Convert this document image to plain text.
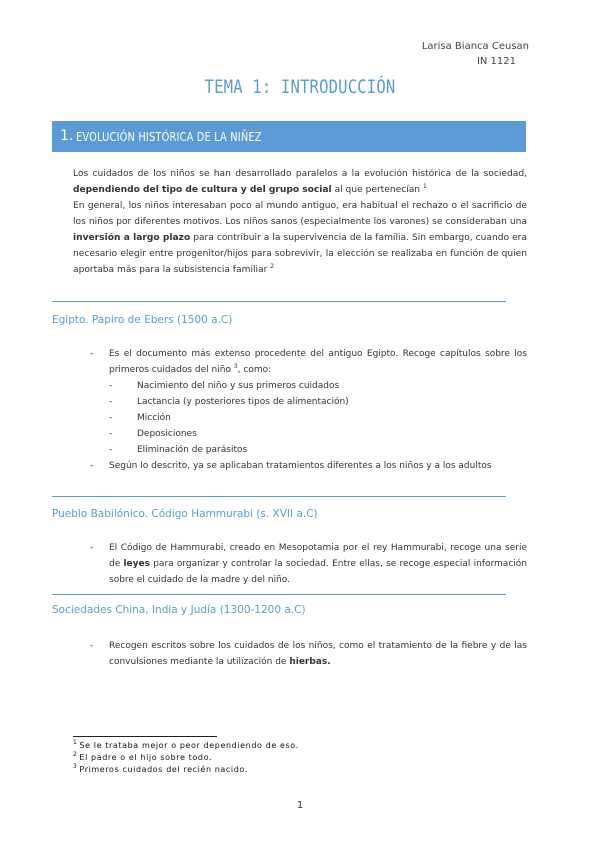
Larisa Bianca Ceusan
IN 1121
TEMA 1: INTRODUCCIÓN
1. EVOLUCIÓN HISTÓRICA DE LA NIÑEZ

Los cuidados de los niños se han desarrollado paralelos a la evolución histórica de la sociedad, dependiendo del tipo de cultura y del grupo social al que pertenecían $^1$

En general, los niños interesaban poco al mundo antiguo, era habitual el rechazo o el sacrificio de los niños por diferentes motivos. Los niños sanos (especialmente los varones) se consideraban una inversión a largo plazo para contribuir a la supervivencia de la familia. Sin embargo, cuando era necesario elegir entre progenitor/hijos para sobrevivir, la elección se realizaba en función de quien aportaba más para la subsistencia familiar $^2$

Egipto. Papiro de Ebers (1500 a.C)
- Es el documento más extenso procedente del antiguo Egipto. Recoge capítulos sobre los primeros cuidados del niño $^3$, como:
-	Nacimiento del niño y sus primeros cuidados
-	Lactancia (y posteriores tipos de alimentación)
-	Micción
-	Deposiciones
-	Eliminación de parásitos
- Según lo descrito, ya se aplicaban tratamientos diferentes a los niños y a los adultos
Pueblo Babilónico. Código Hammurabi (s. XVII a.C)
- El Código de Hammurabi, creado en Mesopotamia por el rey Hammurabi, recoge una serie de leyes para organizar y controlar la sociedad. Entre ellas, se recoge especial información sobre el cuidado de la madre y del niño.
Sociedades China, India y Judía (1300-1200 a.C)
- Recogen escritos sobre los cuidados de los niños, como el tratamiento de la fiebre y de las convulsiones mediante la utilización de hierbas.
$^1$ Se le trataba mejor o peor dependiendo de eso.
$^2$ El padre o el hijo sobre todo.
$^3$ Primeros cuidados del recién nacido.
1
